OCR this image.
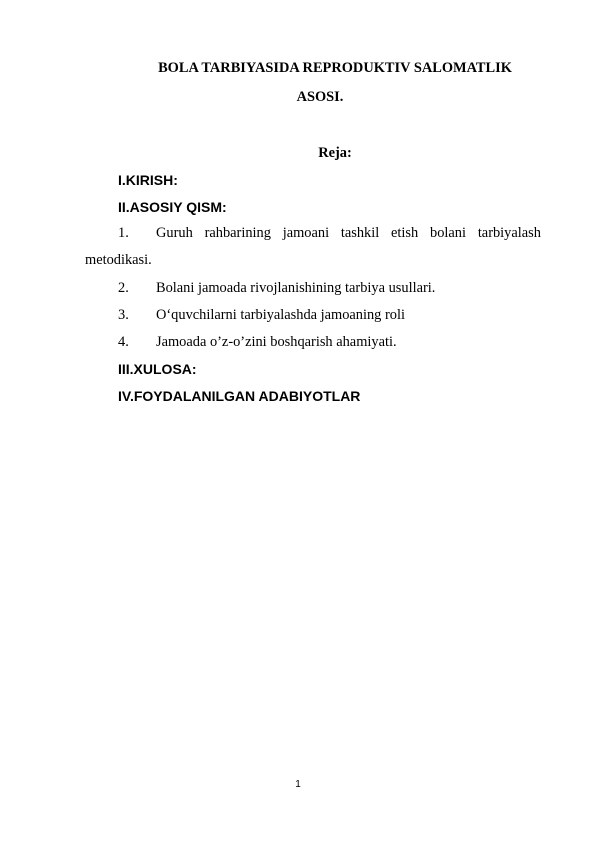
BOLA TARBIYASIDA REPRODUKTIV SALOMATLIK
ASOSI.
Reja:
I.KIRISH:
II.ASOSIY QISM:
1. Guruh rahbarining jamoani tashkil etish bolani tarbiyalash
metodikasi.
2. Bolani jamoada rivojlanishining tarbiya usullari.
3. O‘quvchilarni tarbiyalashda jamoaning roli
4. Jamoada o’z-o’zini boshqarish ahamiyati.
III.XULOSA:
IV.FOYDALANILGAN ADABIYOTLAR
1
